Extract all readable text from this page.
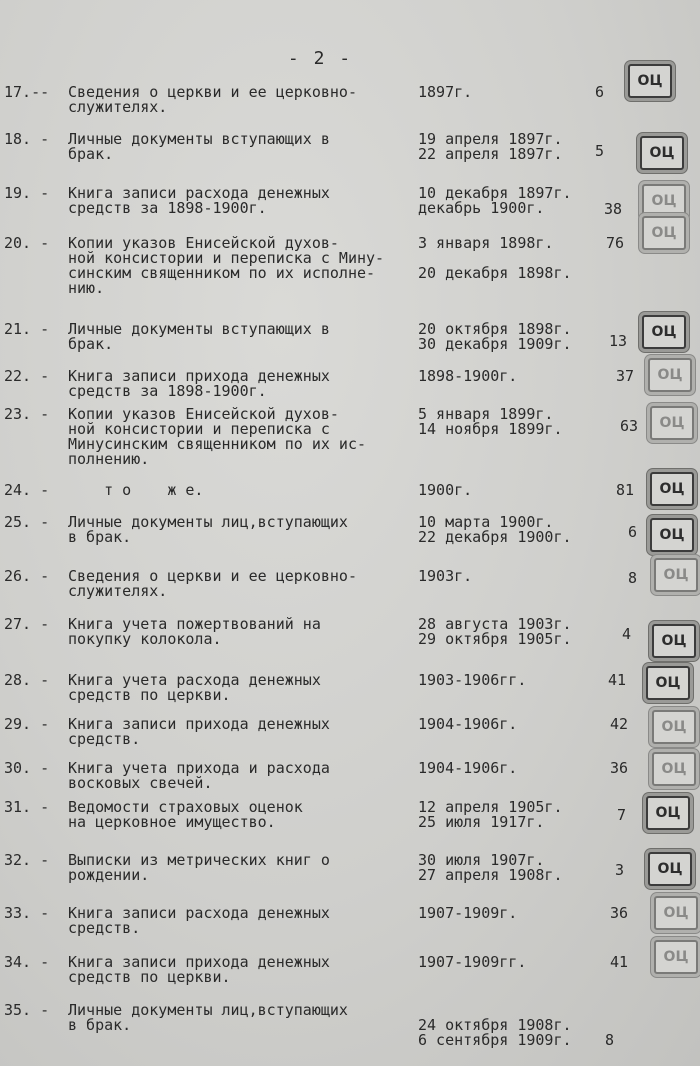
- 2 -
17.-- Сведения о церкви и ее церковно-
служителях.
1897г.	6
18. - Личные документы вступающих в
брак.
19 апреля 1897г.
22 апреля 1897г.	5
19. - Книга записи расхода денежных
средств за 1898-1900г.
10 декабря 1897г.
декабрь 1900г.	38
20. - Копии указов Енисейской духов-
ной консистории и переписка с Мину-
синским священником по их исполне-
нию.
3 января 1898г.
20 декабря 1898г.
76
21. - Личные документы вступающих в
брак.
20 октября 1898г.
30 декабря 1909г.	13
22. - Книга записи прихода денежных
средств за 1898-1900г.
1898-1900г.	37
23. - Копии указов Енисейской духов-
ной консистории и переписка с
Минусинским священником по их ис-
полнению.
5 января 1899г.
14 ноября 1899г.	63
24. - т о    ж е.	1900г.	81
25. - Личные документы лиц,вступающих
в брак.
10 марта 1900г.
22 декабря 1900г.	6
26. - Сведения о церкви и ее церковно-
служителях.
1903г.	8
27. - Книга учета пожертвований на
покупку колокола.
28 августа 1903г.
29 октября 1905г.	4
28. - Книга учета расхода денежных
средств по церкви.
1903-1906гг.	41
29. - Книга записи прихода денежных
средств.
1904-1906г.	42
30. - Книга учета прихода и расхода
восковых свечей.
1904-1906г.	36
31. - Ведомости страховых оценок
на церковное имущество.
12 апреля 1905г.
25 июля 1917г.	7
32. - Выписки из метрических книг о
рождении.
30 июля 1907г.
27 апреля 1908г.	3
33. - Книга записи расхода денежных
средств.
1907-1909г.	36
34. - Книга записи прихода денежных
средств по церкви.
1907-1909гг.	41
35. - Личные документы лиц,вступающих
в брак.	24 октября 1908г.
6 сентября 1909г.	8
ОЦ
ОЦ
ОЦ
ОЦ
ОЦ
ОЦ
ОЦ
ОЦ
ОЦ
ОЦ
ОЦ
ОЦ
ОЦ
ОЦ
ОЦ
ОЦ
ОЦ
ОЦ
